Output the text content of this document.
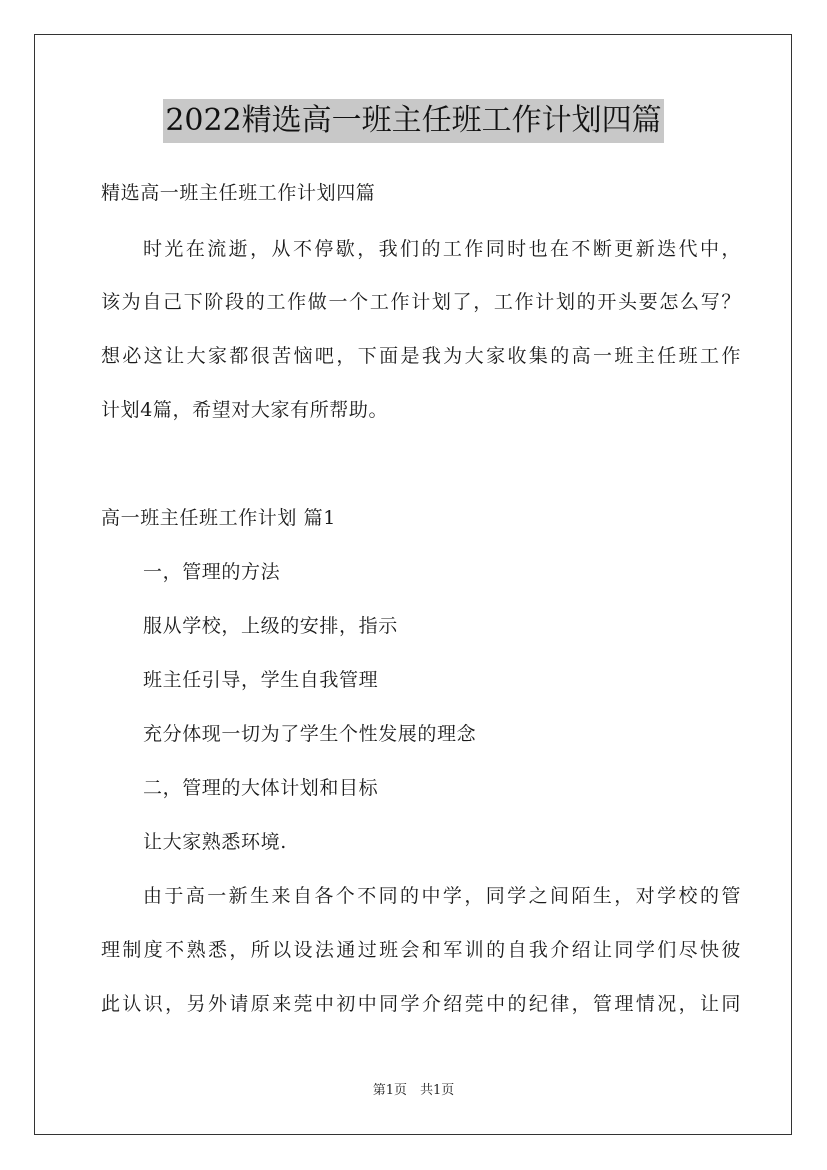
2022精选高一班主任班工作计划四篇
精选高一班主任班工作计划四篇
时光在流逝，从不停歇，我们的工作同时也在不断更新迭代中，
该为自己下阶段的工作做一个工作计划了，工作计划的开头要怎么写？
想必这让大家都很苦恼吧，下面是我为大家收集的高一班主任班工作
计划4篇，希望对大家有所帮助。
高一班主任班工作计划 篇1
一，管理的方法
服从学校，上级的安排，指示
班主任引导，学生自我管理
充分体现一切为了学生个性发展的理念
二，管理的大体计划和目标
让大家熟悉环境.
由于高一新生来自各个不同的中学，同学之间陌生，对学校的管
理制度不熟悉，所以设法通过班会和军训的自我介绍让同学们尽快彼
此认识，另外请原来莞中初中同学介绍莞中的纪律，管理情况，让同
第1页　共1页
